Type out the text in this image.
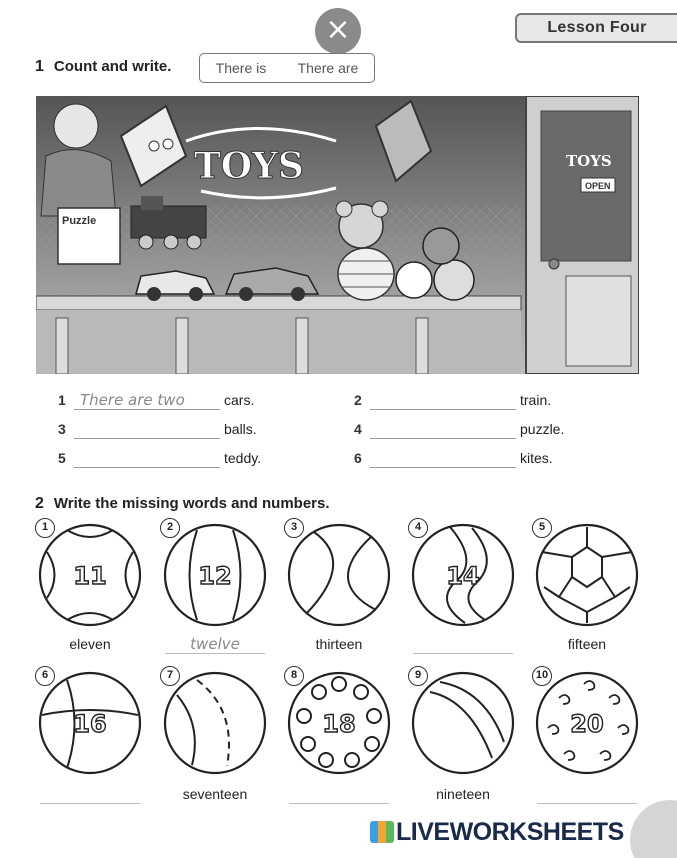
Lesson Four
×
1 Count and write.	There is There are
TOYS
Puzzle
TOYS
OPEN
1 There are two	cars.	2	train.
3	balls.	4	puzzle.
5	teddy.	6	kites.
2 Write the missing words and numbers.
11
1
eleven
12
2
twelve
3
thirteen
14
4	5
fifteen
16
6	7
seventeen
18
8	9
nineteen
20
10
LIVEWORKSHEETS
